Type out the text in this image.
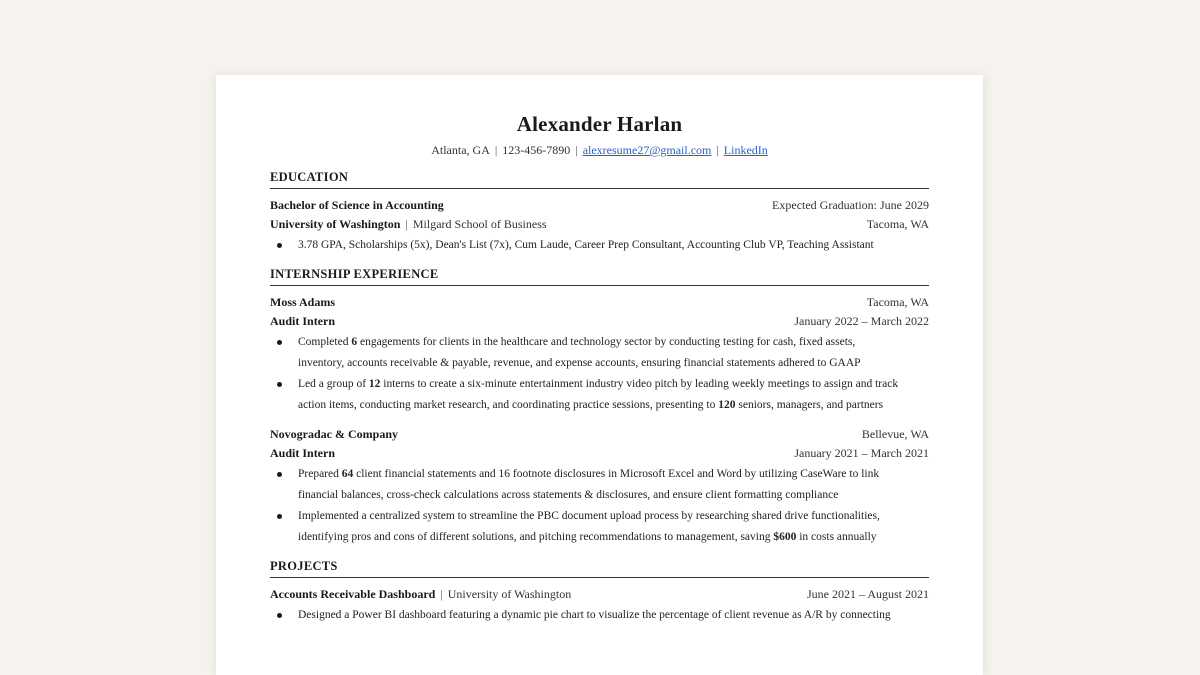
Alexander Harlan
Atlanta, GA | 123-456-7890 | alexresume27@gmail.com | LinkedIn
EDUCATION
Bachelor of Science in Accounting	Expected Graduation: June 2029
University of Washington | Milgard School of Business	Tacoma, WA
3.78 GPA, Scholarships (5x), Dean's List (7x), Cum Laude, Career Prep Consultant, Accounting Club VP, Teaching Assistant
INTERNSHIP EXPERIENCE
Moss Adams	Tacoma, WA
Audit Intern	January 2022 – March 2022
Completed 6 engagements for clients in the healthcare and technology sector by conducting testing for cash, fixed assets,
inventory, accounts receivable & payable, revenue, and expense accounts, ensuring financial statements adhered to GAAP
Led a group of 12 interns to create a six-minute entertainment industry video pitch by leading weekly meetings to assign and track
action items, conducting market research, and coordinating practice sessions, presenting to 120 seniors, managers, and partners
Novogradac & Company	Bellevue, WA
Audit Intern	January 2021 – March 2021
Prepared 64 client financial statements and 16 footnote disclosures in Microsoft Excel and Word by utilizing CaseWare to link
financial balances, cross-check calculations across statements & disclosures, and ensure client formatting compliance
Implemented a centralized system to streamline the PBC document upload process by researching shared drive functionalities,
identifying pros and cons of different solutions, and pitching recommendations to management, saving $600 in costs annually
PROJECTS
Accounts Receivable Dashboard | University of Washington	June 2021 – August 2021
Designed a Power BI dashboard featuring a dynamic pie chart to visualize the percentage of client revenue as A/R by connecting
